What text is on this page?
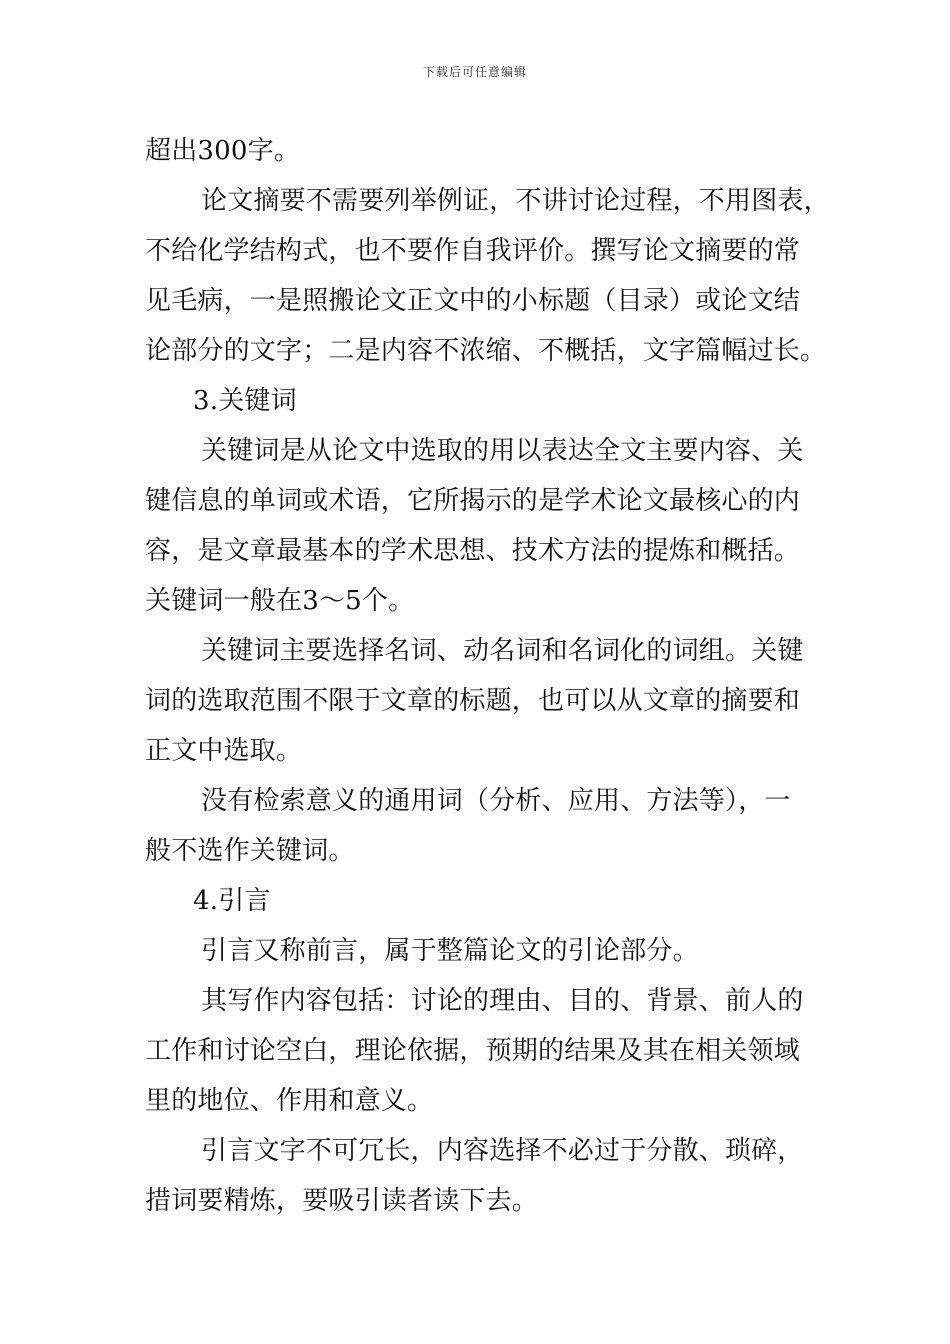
下载后可任意编辑

超出300字。

论文摘要不需要列举例证，不讲讨论过程，不用图表，

不给化学结构式，也不要作自我评价。撰写论文摘要的常

见毛病，一是照搬论文正文中的小标题（目录）或论文结

论部分的文字；二是内容不浓缩、不概括，文字篇幅过长。

3.关键词

关键词是从论文中选取的用以表达全文主要内容、关

键信息的单词或术语，它所揭示的是学术论文最核心的内

容，是文章最基本的学术思想、技术方法的提炼和概括。

关键词一般在3～5个。

关键词主要选择名词、动名词和名词化的词组。关键

词的选取范围不限于文章的标题，也可以从文章的摘要和

正文中选取。

没有检索意义的通用词（分析、应用、方法等），一

般不选作关键词。

4.引言

引言又称前言，属于整篇论文的引论部分。

其写作内容包括：讨论的理由、目的、背景、前人的

工作和讨论空白，理论依据，预期的结果及其在相关领域

里的地位、作用和意义。

引言文字不可冗长，内容选择不必过于分散、琐碎，

措词要精炼，要吸引读者读下去。
